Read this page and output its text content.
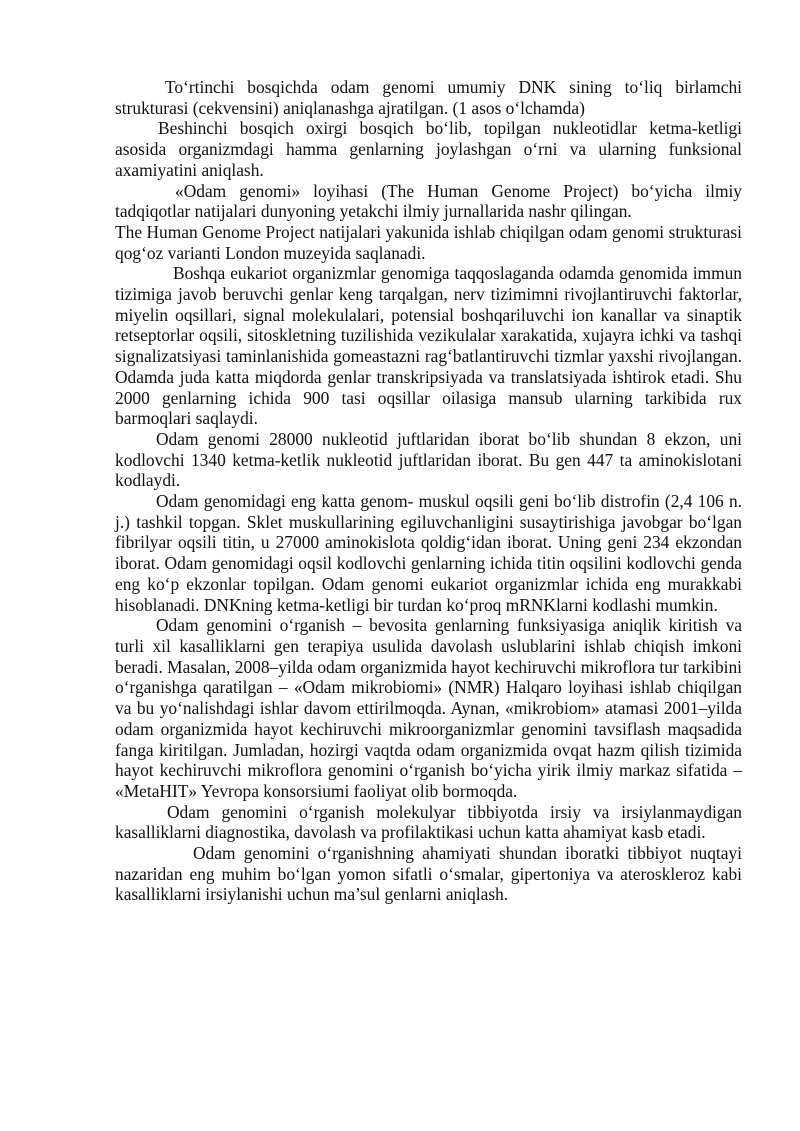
To‘rtinchi bosqichda odam genomi umumiy DNK sining to‘liq birlamchi strukturasi (cekvensini) aniqlanashga ajratilgan. (1 asos o‘lchamda)

Beshinchi bosqich oxirgi bosqich bo‘lib, topilgan nukleotidlar ketma-ketligi asosida organizmdagi hamma genlarning joylashgan o‘rni va ularning funksional axamiyatini aniqlash.

«Odam genomi» loyihasi (The Human Genome Project) bo‘yicha ilmiy tadqiqotlar natijalari dunyoning yetakchi ilmiy jurnallarida nashr qilingan.

The Human Genome Project natijalari yakunida ishlab chiqilgan odam genomi strukturasi qog‘oz varianti London muzeyida saqlanadi.

Boshqa eukariot organizmlar genomiga taqqoslaganda odamda genomida immun tizimiga javob beruvchi genlar keng tarqalgan, nerv tizimimni rivojlantiruvchi faktorlar, miyelin oqsillari, signal molekulalari, potensial boshqariluvchi ion kanallar va sinaptik retseptorlar oqsili, sitoskletning tuzilishida vezikulalar xarakatida, xujayra ichki va tashqi signalizatsiyasi taminlanishida gomeastazni rag‘batlantiruvchi tizmlar yaxshi rivojlangan. Odamda juda katta miqdorda genlar transkripsiyada va translatsiyada ishtirok etadi. Shu 2000 genlarning ichida 900 tasi oqsillar oilasiga mansub ularning tarkibida rux barmoqlari saqlaydi.

Odam genomi 28000 nukleotid juftlaridan iborat bo‘lib shundan 8 ekzon, uni kodlovchi 1340 ketma-ketlik nukleotid juftlaridan iborat. Bu gen 447 ta aminokislotani kodlaydi.

Odam genomidagi eng katta genom- muskul oqsili geni bo‘lib distrofin (2,4 106 n. j.) tashkil topgan. Sklet muskullarining egiluvchanligini susaytirishiga javobgar bo‘lgan fibrilyar oqsili titin, u 27000 aminokislota qoldig‘idan iborat. Uning geni 234 ekzondan iborat. Odam genomidagi oqsil kodlovchi genlarning ichida titin oqsilini kodlovchi genda eng ko‘p ekzonlar topilgan. Odam genomi eukariot organizmlar ichida eng murakkabi hisoblanadi. DNKning ketma-ketligi bir turdan ko‘proq mRNKlarni kodlashi mumkin.

Odam genomini o‘rganish – bevosita genlarning funksiyasiga aniqlik kiritish va turli xil kasalliklarni gen terapiya usulida davolash uslublarini ishlab chiqish imkoni beradi. Masalan, 2008–yilda odam organizmida hayot kechiruvchi mikroflora tur tarkibini o‘rganishga qaratilgan – «Odam mikrobiomi» (NMR) Halqaro loyihasi ishlab chiqilgan va bu yo‘nalishdagi ishlar davom ettirilmoqda. Aynan, «mikrobiom» atamasi 2001–yilda odam organizmida hayot kechiruvchi mikroorganizmlar genomini tavsiflash maqsadida fanga kiritilgan. Jumladan, hozirgi vaqtda odam organizmida ovqat hazm qilish tizimida hayot kechiruvchi mikroflora genomini o‘rganish bo‘yicha yirik ilmiy markaz sifatida – «MetaHIT» Yevropa konsorsiumi faoliyat olib bormoqda.

Odam genomini o‘rganish molekulyar tibbiyotda irsiy va irsiylanmaydigan kasalliklarni diagnostika, davolash va profilaktikasi uchun katta ahamiyat kasb etadi.

Odam genomini o‘rganishning ahamiyati shundan iboratki tibbiyot nuqtayi nazaridan eng muhim bo‘lgan yomon sifatli o‘smalar, gipertoniya va ateroskleroz kabi kasalliklarni irsiylanishi uchun ma’sul genlarni aniqlash.
